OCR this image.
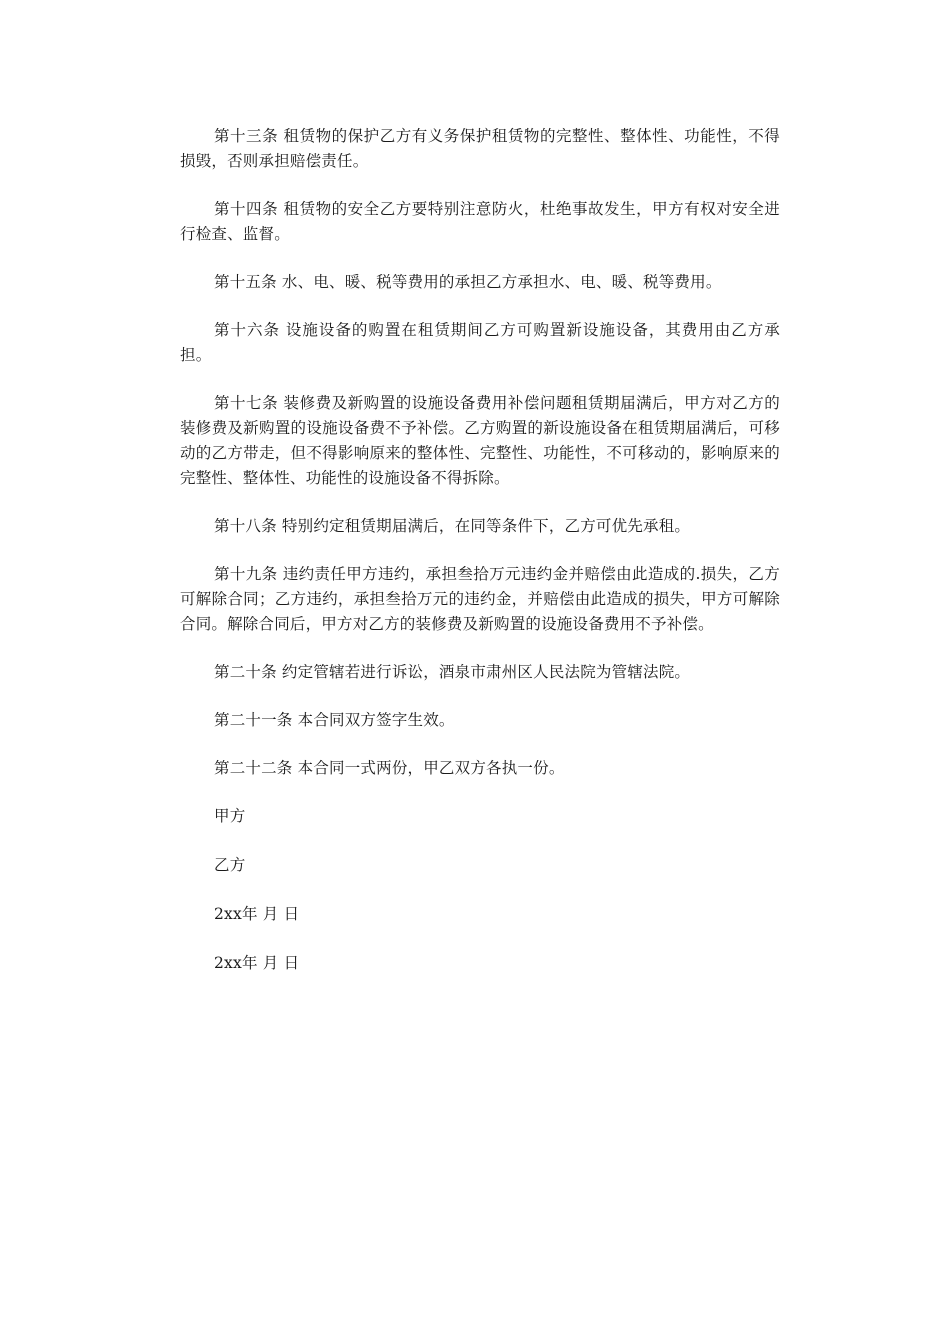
第十三条 租赁物的保护乙方有义务保护租赁物的完整性、整体性、功能性，不得损毁，否则承担赔偿责任。

第十四条 租赁物的安全乙方要特别注意防火，杜绝事故发生，甲方有权对安全进行检查、监督。

第十五条 水、电、暖、税等费用的承担乙方承担水、电、暖、税等费用。

第十六条 设施设备的购置在租赁期间乙方可购置新设施设备，其费用由乙方承担。

第十七条 装修费及新购置的设施设备费用补偿问题租赁期届满后，甲方对乙方的装修费及新购置的设施设备费不予补偿。乙方购置的新设施设备在租赁期届满后，可移动的乙方带走，但不得影响原来的整体性、完整性、功能性，不可移动的，影响原来的完整性、整体性、功能性的设施设备不得拆除。

第十八条 特别约定租赁期届满后，在同等条件下，乙方可优先承租。

第十九条 违约责任甲方违约，承担叁拾万元违约金并赔偿由此造成的.损失，乙方可解除合同；乙方违约，承担叁拾万元的违约金，并赔偿由此造成的损失，甲方可解除合同。解除合同后，甲方对乙方的装修费及新购置的设施设备费用不予补偿。

第二十条 约定管辖若进行诉讼，酒泉市肃州区人民法院为管辖法院。

第二十一条 本合同双方签字生效。

第二十二条 本合同一式两份，甲乙双方各执一份。

甲方

乙方

2xx年 月 日

2xx年 月 日
